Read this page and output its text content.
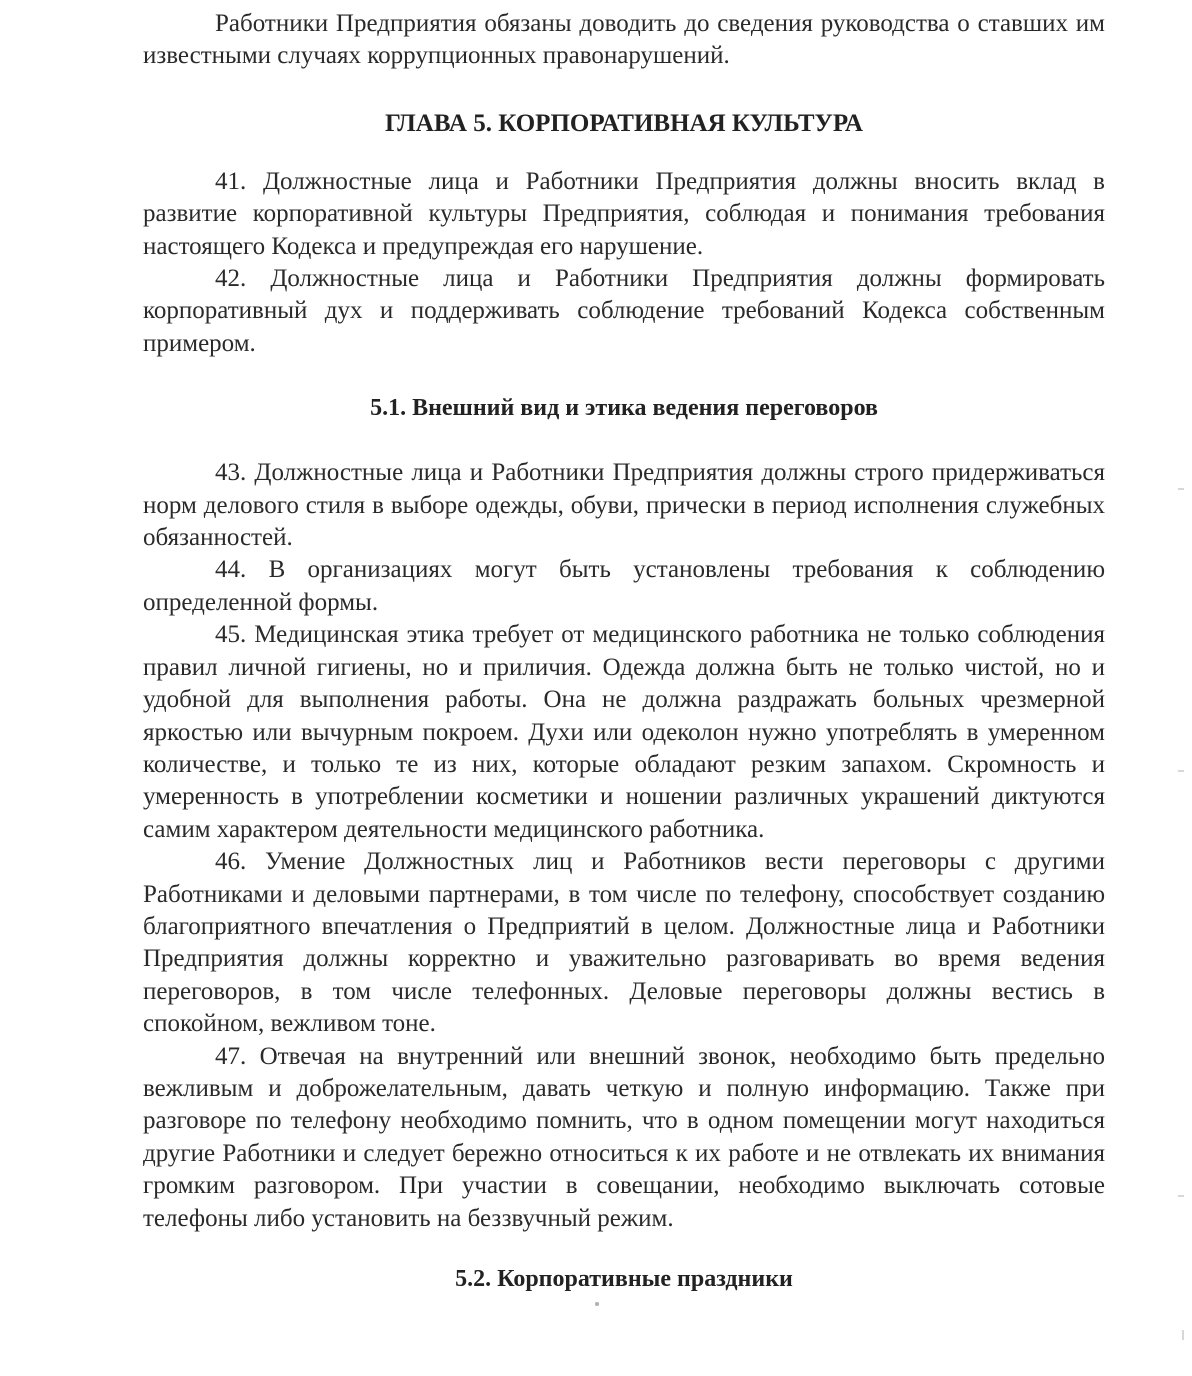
Работники Предприятия обязаны доводить до сведения руководства о ставших им известными случаях коррупционных правонарушений.

ГЛАВА 5. КОРПОРАТИВНАЯ КУЛЬТУРА

41. Должностные лица и Работники Предприятия должны вносить вклад в развитие корпоративной культуры Предприятия, соблюдая и понимания требования настоящего Кодекса и предупреждая его нарушение.

42. Должностные лица и Работники Предприятия должны формировать корпоративный дух и поддерживать соблюдение требований Кодекса собственным примером.

5.1. Внешний вид и этика ведения переговоров

43. Должностные лица и Работники Предприятия должны строго придерживаться норм делового стиля в выборе одежды, обуви, прически в период исполнения служебных обязанностей.

44. В организациях могут быть установлены требования к соблюдению определенной формы.

45. Медицинская этика требует от медицинского работника не только соблюдения правил личной гигиены, но и приличия. Одежда должна быть не только чистой, но и удобной для выполнения работы. Она не должна раздражать больных чрезмерной яркостью или вычурным покроем. Духи или одеколон нужно употреблять в умеренном количестве, и только те из них, которые обладают резким запахом. Скромность и умеренность в употреблении косметики и ношении различных украшений диктуются самим характером деятельности медицинского работника.

46. Умение Должностных лиц и Работников вести переговоры с другими Работниками и деловыми партнерами, в том числе по телефону, способствует созданию благоприятного впечатления о Предприятий в целом. Должностные лица и Работники Предприятия должны корректно и уважительно разговаривать во время ведения переговоров, в том числе телефонных. Деловые переговоры должны вестись в спокойном, вежливом тоне.

47. Отвечая на внутренний или внешний звонок, необходимо быть предельно вежливым и доброжелательным, давать четкую и полную информацию. Также при разговоре по телефону необходимо помнить, что в одном помещении могут находиться другие Работники и следует бережно относиться к их работе и не отвлекать их внимания громким разговором. При участии в совещании, необходимо выключать сотовые телефоны либо установить на беззвучный режим.

5.2. Корпоративные праздники
